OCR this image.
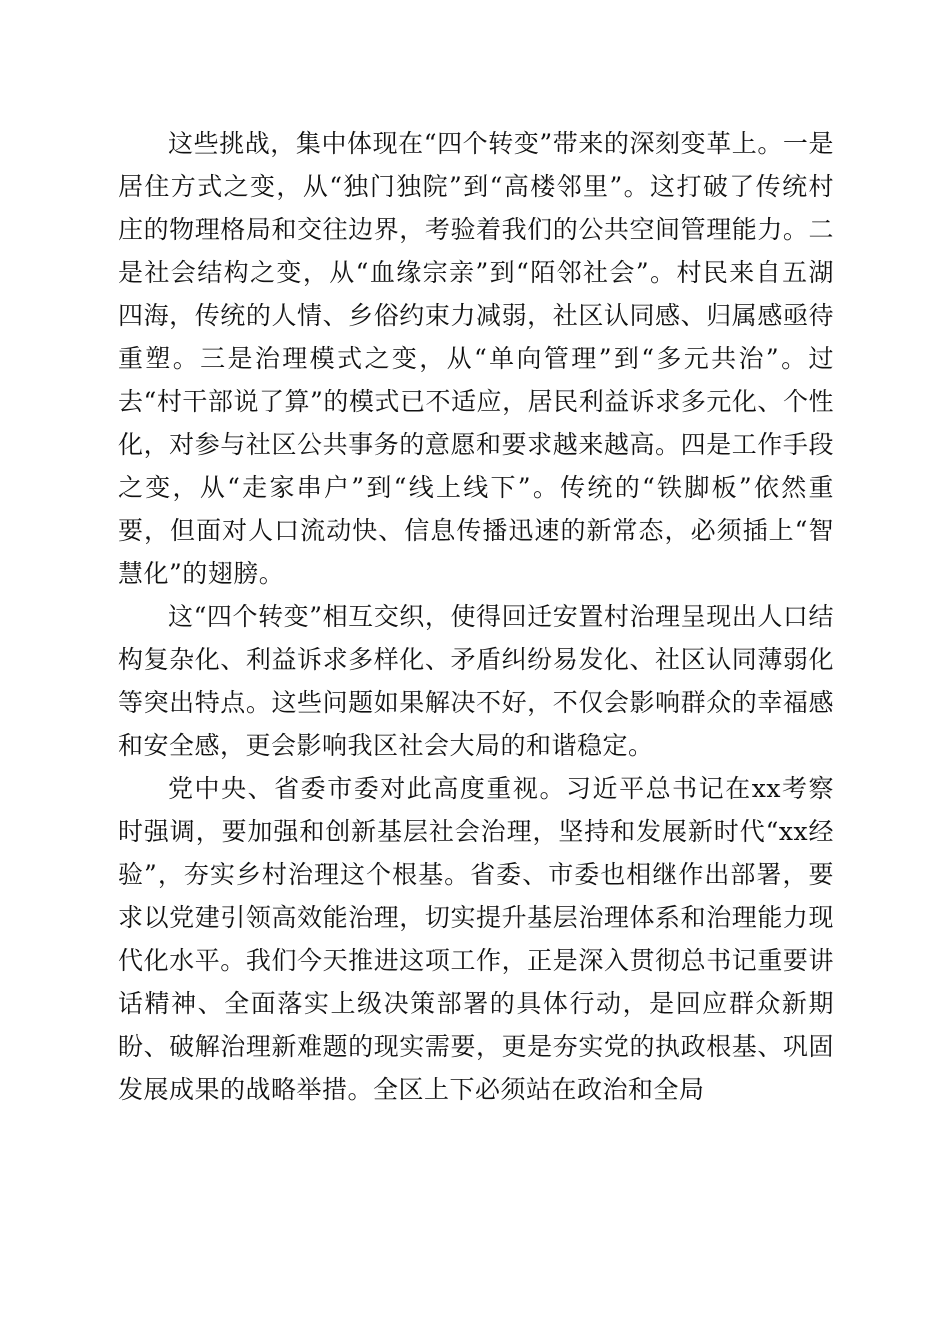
这些挑战，集中体现在“四个转变”带来的深刻变革上。一是居住方式之变，从“独门独院”到“高楼邻里”。这打破了传统村庄的物理格局和交往边界，考验着我们的公共空间管理能力。二是社会结构之变，从“血缘宗亲”到“陌邻社会”。村民来自五湖四海，传统的人情、乡俗约束力减弱，社区认同感、归属感亟待重塑。三是治理模式之变，从“单向管理”到“多元共治”。过去“村干部说了算”的模式已不适应，居民利益诉求多元化、个性化，对参与社区公共事务的意愿和要求越来越高。四是工作手段之变，从“走家串户”到“线上线下”。传统的“铁脚板”依然重要，但面对人口流动快、信息传播迅速的新常态，必须插上“智慧化”的翅膀。

这“四个转变”相互交织，使得回迁安置村治理呈现出人口结构复杂化、利益诉求多样化、矛盾纠纷易发化、社区认同薄弱化等突出特点。这些问题如果解决不好，不仅会影响群众的幸福感和安全感，更会影响我区社会大局的和谐稳定。

党中央、省委市委对此高度重视。习近平总书记在xx考察时强调，要加强和创新基层社会治理，坚持和发展新时代“xx经验”，夯实乡村治理这个根基。省委、市委也相继作出部署，要求以党建引领高效能治理，切实提升基层治理体系和治理能力现代化水平。我们今天推进这项工作，正是深入贯彻总书记重要讲话精神、全面落实上级决策部署的具体行动，是回应群众新期盼、破解治理新难题的现实需要，更是夯实党的执政根基、巩固发展成果的战略举措。全区上下必须站在政治和全局
